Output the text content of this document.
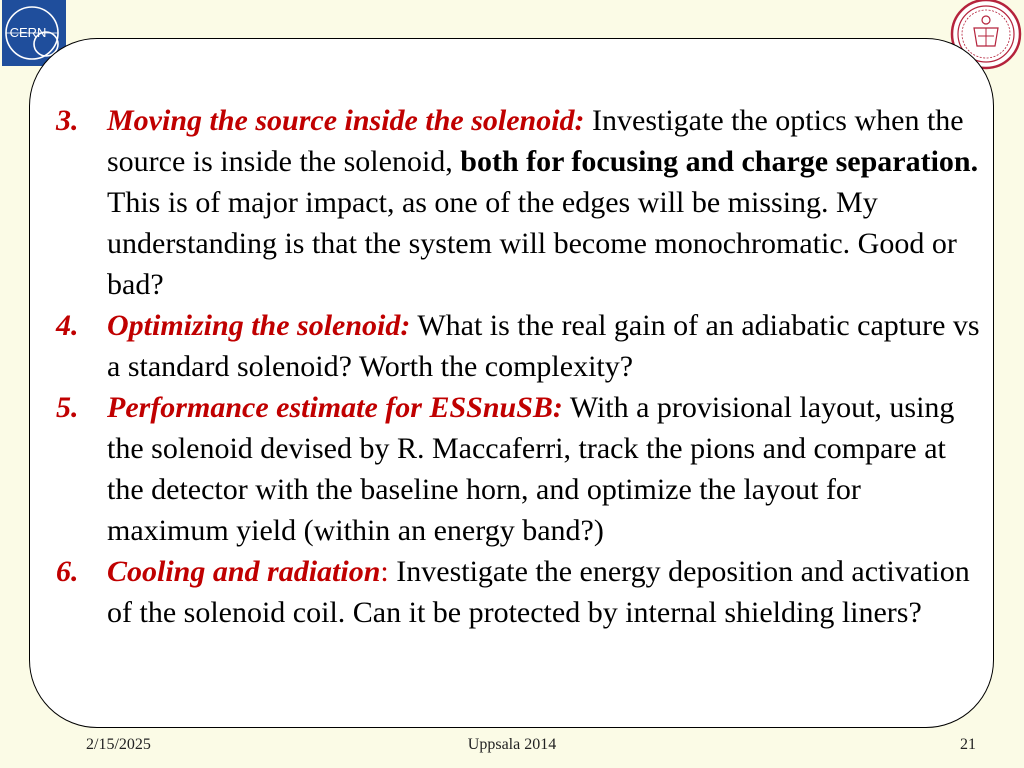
CERN
3. Moving the source inside the solenoid: Investigate the optics when the source is inside the solenoid, both for focusing and charge separation. This is of major impact, as one of the edges will be missing. My understanding is that the system will become monochromatic. Good or bad?
4. Optimizing the solenoid: What is the real gain of an adiabatic capture vs a standard solenoid? Worth the complexity?
5. Performance estimate for ESSnuSB: With a provisional layout, using the solenoid devised by R. Maccaferri, track the pions and compare at the detector with the baseline horn, and optimize the layout for maximum yield (within an energy band?)
6. Cooling and radiation: Investigate the energy deposition and activation of the solenoid coil. Can it be protected by internal shielding liners?
2/15/2025	Uppsala 2014	21
